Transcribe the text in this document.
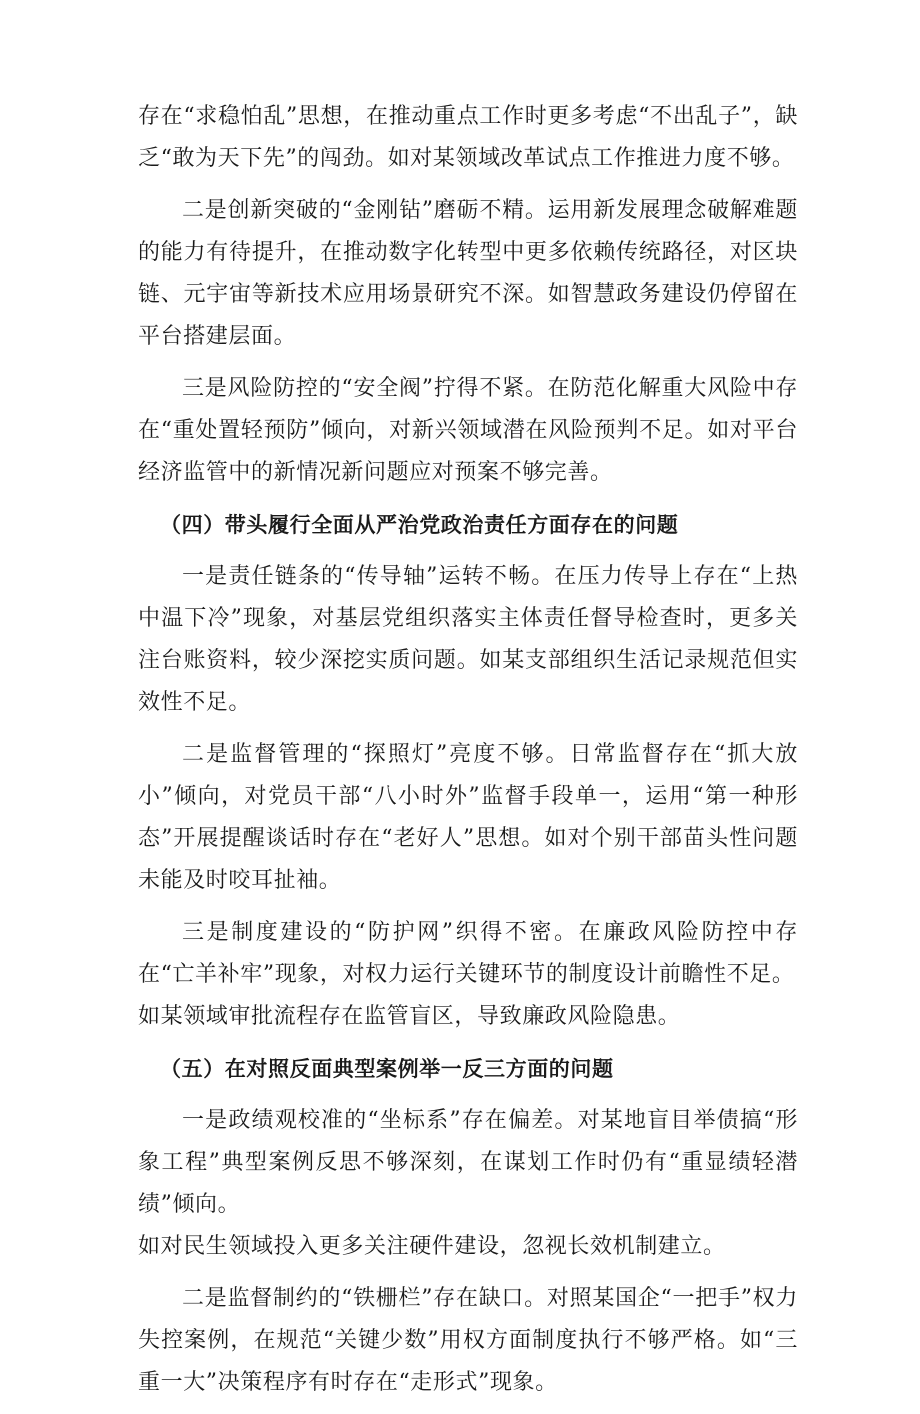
存在“求稳怕乱”思想，在推动重点工作时更多考虑“不出乱子”，缺乏“敢为天下先”的闯劲。如对某领域改革试点工作推进力度不够。

二是创新突破的“金刚钻”磨砺不精。运用新发展理念破解难题的能力有待提升，在推动数字化转型中更多依赖传统路径，对区块链、元宇宙等新技术应用场景研究不深。如智慧政务建设仍停留在平台搭建层面。

三是风险防控的“安全阀”拧得不紧。在防范化解重大风险中存在“重处置轻预防”倾向，对新兴领域潜在风险预判不足。如对平台经济监管中的新情况新问题应对预案不够完善。

（四）带头履行全面从严治党政治责任方面存在的问题

一是责任链条的“传导轴”运转不畅。在压力传导上存在“上热中温下冷”现象，对基层党组织落实主体责任督导检查时，更多关注台账资料，较少深挖实质问题。如某支部组织生活记录规范但实效性不足。

二是监督管理的“探照灯”亮度不够。日常监督存在“抓大放小”倾向，对党员干部“八小时外”监督手段单一，运用“第一种形态”开展提醒谈话时存在“老好人”思想。如对个别干部苗头性问题未能及时咬耳扯袖。

三是制度建设的“防护网”织得不密。在廉政风险防控中存在“亡羊补牢”现象，对权力运行关键环节的制度设计前瞻性不足。

如某领域审批流程存在监管盲区，导致廉政风险隐患。

（五）在对照反面典型案例举一反三方面的问题

一是政绩观校准的“坐标系”存在偏差。对某地盲目举债搞“形象工程”典型案例反思不够深刻，在谋划工作时仍有“重显绩轻潜绩”倾向。

如对民生领域投入更多关注硬件建设，忽视长效机制建立。

二是监督制约的“铁栅栏”存在缺口。对照某国企“一把手”权力失控案例，在规范“关键少数”用权方面制度执行不够严格。如“三重一大”决策程序有时存在“走形式”现象。
